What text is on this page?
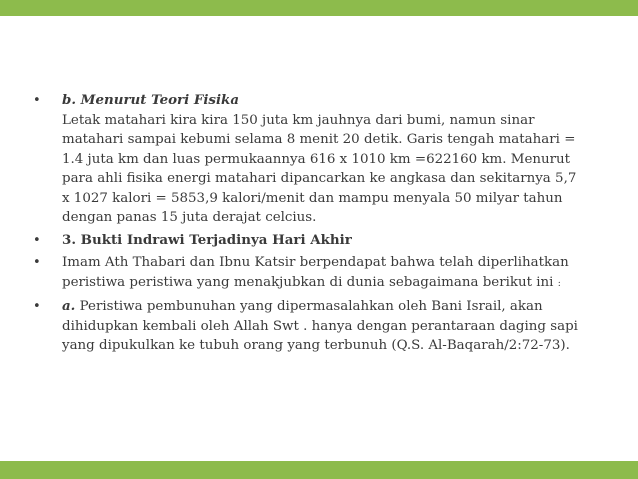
• b. Menurut Teori Fisika
Letak matahari kira kira 150 juta km jauhnya dari bumi, namun sinar
matahari sampai kebumi selama 8 menit 20 detik. Garis tengah matahari =
1.4 juta km dan luas permukaannya 616 x 1010 km =622160 km. Menurut
para ahli fisika energi matahari dipancarkan ke angkasa dan sekitarnya 5,7
x 1027 kalori = 5853,9 kalori/menit dan mampu menyala 50 milyar tahun
dengan panas 15 juta derajat celcius.
• 3. Bukti Indrawi Terjadinya Hari Akhir
• Imam Ath Thabari dan Ibnu Katsir berpendapat bahwa telah diperlihatkan
peristiwa peristiwa yang menakjubkan di dunia sebagaimana berikut ini :
• a. Peristiwa pembunuhan yang dipermasalahkan oleh Bani Israil, akan
dihidupkan kembali oleh Allah Swt . hanya dengan perantaraan daging sapi
yang dipukulkan ke tubuh orang yang terbunuh (Q.S. Al-Baqarah/2:72-73).
